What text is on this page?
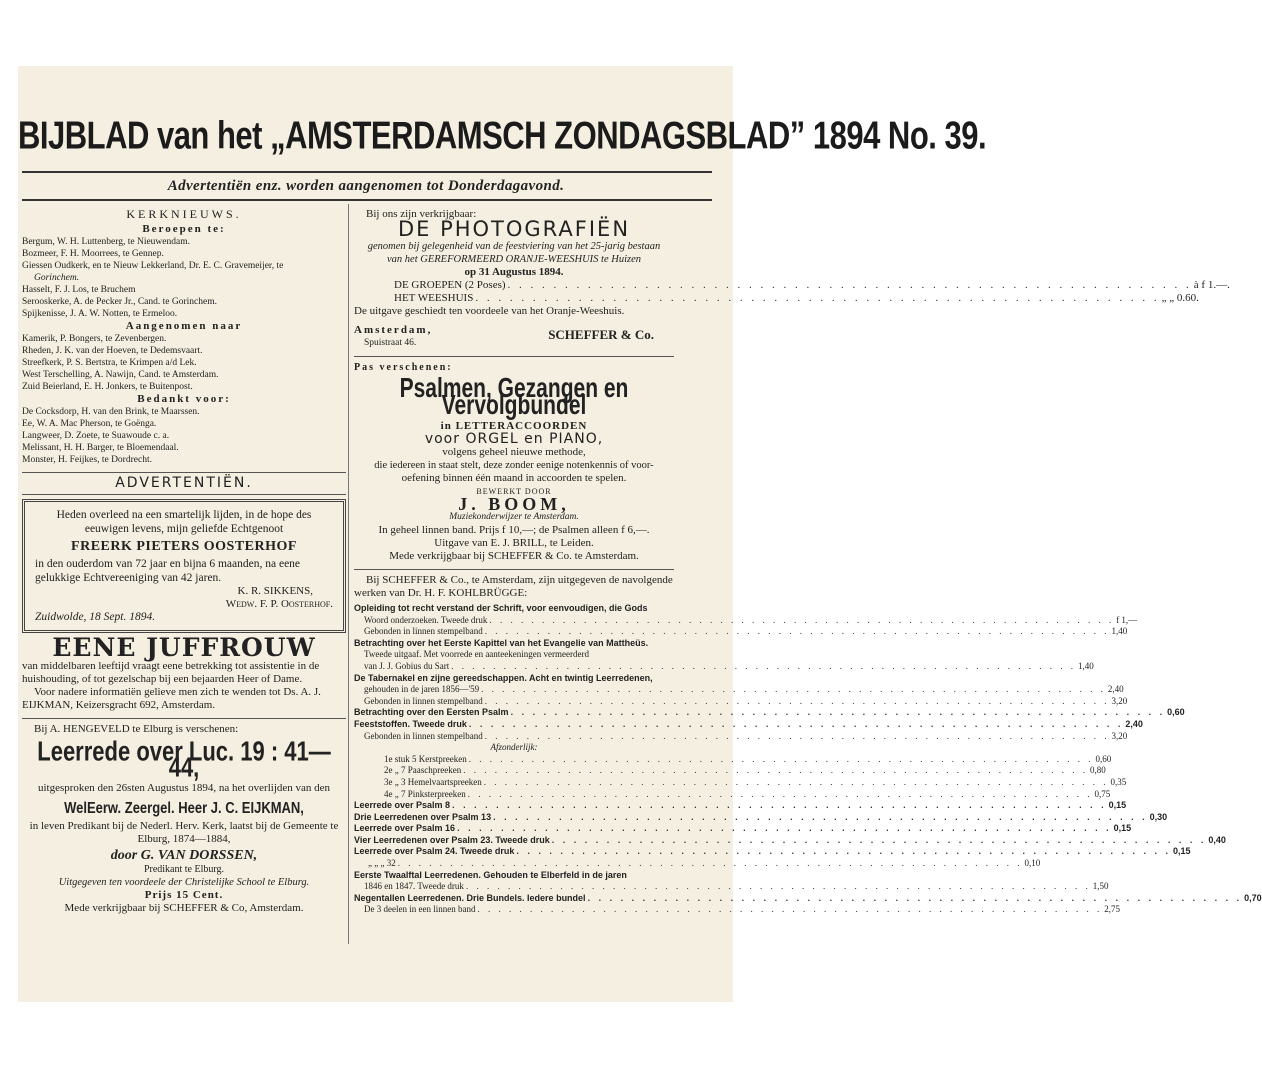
BIJBLAD van het „AMSTERDAMSCH ZONDAGSBLAD” 1894 No. 39.
Advertentiën enz. worden aangenomen tot Donderdagavond.
KERKNIEUWS.
Beroepen te:
Bergum, W. H. Luttenberg, te Nieuwendam.
Bozmeer, F. H. Moorrees, te Gennep.
Giessen Oudkerk, en te Nieuw Lekkerland, Dr. E. C. Gravemeijer, te
Gorinchem.
Hasselt, F. J. Los, te Bruchem
Serooskerke, A. de Pecker Jr., Cand. te Gorinchem.
Spijkenisse, J. A. W. Notten, te Ermeloo.
Aangenomen naar
Kamerik, P. Bongers, te Zevenbergen.
Rheden, J. K. van der Hoeven, te Dedemsvaart.
Streefkerk, P. S. Bertstra, te Krimpen a/d Lek.
West Terschelling, A. Nawijn, Cand. te Amsterdam.
Zuid Beierland, E. H. Jonkers, te Buitenpost.
Bedankt voor:
De Cocksdorp, H. van den Brink, te Maarssen.
Ee, W. A. Mac Pherson, te Goënga.
Langweer, D. Zoete, te Suawoude c. a.
Melissant, H. H. Barger, te Bloemendaal.
Monster, H. Feijkes, te Dordrecht.
ADVERTENTIËN.
Heden overleed na een smartelijk lijden, in de hope des eeuwigen levens, mijn geliefde Echtgenoot
FREERK PIETERS OOSTERHOF
in den ouderdom van 72 jaar en bijna 6 maanden, na eene gelukkige Echtvereeniging van 42 jaren.
K. R. SIKKENS,
Wedw. F. P. Oosterhof.
Zuidwolde, 18 Sept. 1894.
EENE JUFFROUW
van middelbaren leeftijd vraagt eene betrekking tot assistentie in de huishouding, of tot gezelschap bij een bejaarden Heer of Dame.
Voor nadere informatiën gelieve men zich te wenden tot Ds. A. J. EIJKMAN, Keizersgracht 692, Amsterdam.
Bij A. HENGEVELD te Elburg is verschenen:
Leerrede over Luc. 19 : 41—44,
uitgesproken den 26sten Augustus 1894, na het overlijden van den
WelEerw. Zeergel. Heer J. C. EIJKMAN,
in leven Predikant bij de Nederl. Herv. Kerk, laatst bij de Gemeente te Elburg, 1874—1884,
door G. VAN DORSSEN,
Predikant te Elburg.
Uitgegeven ten voordeele der Christelijke School te Elburg.
Prijs 15 Cent.
Mede verkrijgbaar bij SCHEFFER & Co, Amsterdam.
Bij ons zijn verkrijgbaar:
DE PHOTOGRAFIËN
genomen bij gelegenheid van de feestviering van het 25-jarig bestaan
van het GEREFORMEERD ORANJE-WEESHUIS te Huizen
op 31 Augustus 1894.
DE GROEPEN (2 Poses) . . .	à f 1.—.
HET WEESHUIS . . .	„ „ 0.60.
De uitgave geschiedt ten voordeele van het Oranje-Weeshuis.
Amsterdam,
Spuistraat 46.
SCHEFFER & Co.
Pas verschenen:
Psalmen, Gezangen en Vervolgbundel
in LETTERACCOORDEN
voor ORGEL en PIANO,
volgens geheel nieuwe methode,
die iedereen in staat stelt, deze zonder eenige notenkennis of voor-
oefening binnen één maand in accoorden te spelen.
BEWERKT DOOR
J. BOOM,
Muziekonderwijzer te Amsterdam.
In geheel linnen band. Prijs f 10,—; de Psalmen alleen f 6,—.
Uitgave van E. J. BRILL, te Leiden.
Mede verkrijgbaar bij SCHEFFER & Co. te Amsterdam.
Bij SCHEFFER & Co., te Amsterdam, zijn uitgegeven de navolgende werken van Dr. H. F. KOHLBRÜGGE:
Opleiding tot recht verstand der Schrift, voor eenvoudigen, die Gods
Woord onderzoeken. Tweede druk . . .	f 1,—
Gebonden in linnen stempelband . . .	1,40
Betrachting over het Eerste Kapittel van het Evangelie van Mattheüs.
Tweede uitgaaf. Met voorrede en aanteekeningen vermeerderd
van J. J. Gobius du Sart . . .	1,40
De Tabernakel en zijne gereedschappen. Acht en twintig Leerredenen,
gehouden in de jaren 1856—'59 . . .	2,40
Gebonden in linnen stempelband . . .	3,20
Betrachting over den Eersten Psalm . . .	0,60
Feeststoffen. Tweede druk . . .	2,40
Gebonden in linnen stempelband . . .	3,20
Afzonderlijk:
1e stuk 5 Kerstpreeken . . .	0,60
2e „ 7 Paaschpreeken . . .	0,80
3e „ 3 Hemelvaartspreeken . . .	0,35
4e „ 7 Pinksterpreeken . . .	0,75
Leerrede over Psalm 8 . . .	0,15
Drie Leerredenen over Psalm 13 . . .	0,30
Leerrede over Psalm 16 . . .	0,15
Vier Leerredenen over Psalm 23. Tweede druk . . .	0,40
Leerrede over Psalm 24. Tweede druk . . .	0,15
„ „ „ 32 . . .	0,10
Eerste Twaalftal Leerredenen. Gehouden te Elberfeld in de jaren
1846 en 1847. Tweede druk . . .	1,50
Negentallen Leerredenen. Drie Bundels. Iedere bundel . . .	0,70
De 3 deelen in een linnen band . . .	2,75
